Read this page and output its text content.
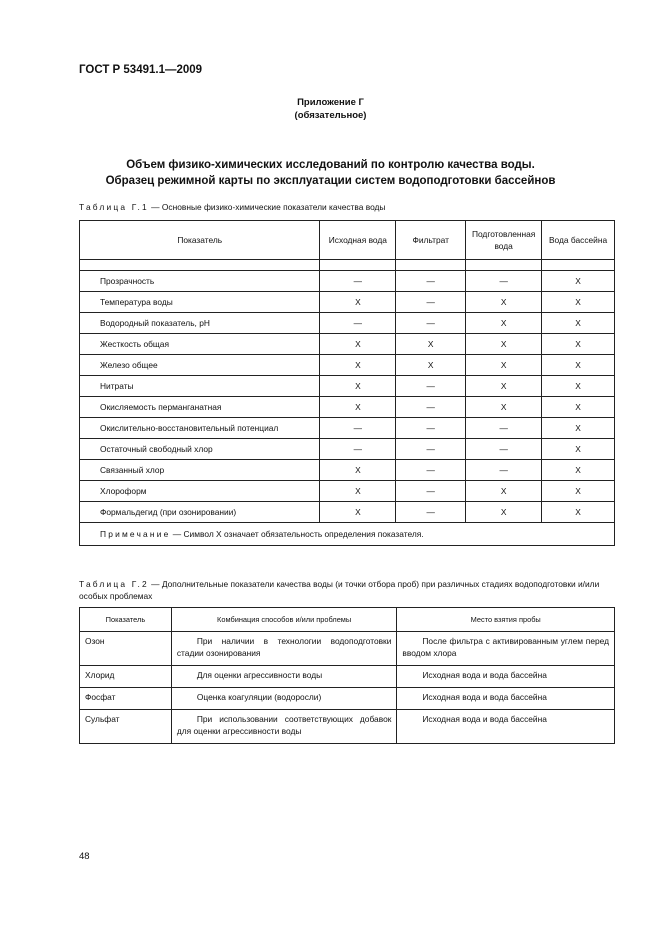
ГОСТ Р 53491.1—2009
Приложение Г
(обязательное)
Объем физико-химических исследований по контролю качества воды.
Образец режимной карты по эксплуатации систем водоподготовки бассейнов
Таблица Г.1 — Основные физико-химические показатели качества воды
Показатель	Исходная вода	Фильтрат	Подготовленная вода	Вода бассейна

Прозрачность	—	—	—	Х
Температура воды	Х	—	Х	Х
Водородный показатель, рН	—	—	Х	Х
Жесткость общая	Х	Х	Х	Х
Железо общее	Х	Х	Х	Х
Нитраты	Х	—	Х	Х
Окисляемость перманганатная	Х	—	Х	Х
Окислительно-восстановительный потенциал	—	—	—	Х
Остаточный свободный хлор	—	—	—	Х
Связанный хлор	Х	—	—	Х
Хлороформ	Х	—	Х	Х
Формальдегид (при озонировании)	Х	—	Х	Х
Примечание — Символ Х означает обязательность определения показателя.				
Таблица Г.2 — Дополнительные показатели качества воды (и точки отбора проб) при различных стадиях водоподготовки и/или особых проблемах
Показатель	Комбинация способов и/или проблемы	Место взятия пробы
Озон	При наличии в технологии водоподготовки стадии озонирования	После фильтра с активированным углем перед вводом хлора
Хлорид	Для оценки агрессивности воды	Исходная вода и вода бассейна
Фосфат	Оценка коагуляции (водоросли)	Исходная вода и вода бассейна
Сульфат	При использовании соответствующих добавок для оценки агрессивности воды	Исходная вода и вода бассейна
48
